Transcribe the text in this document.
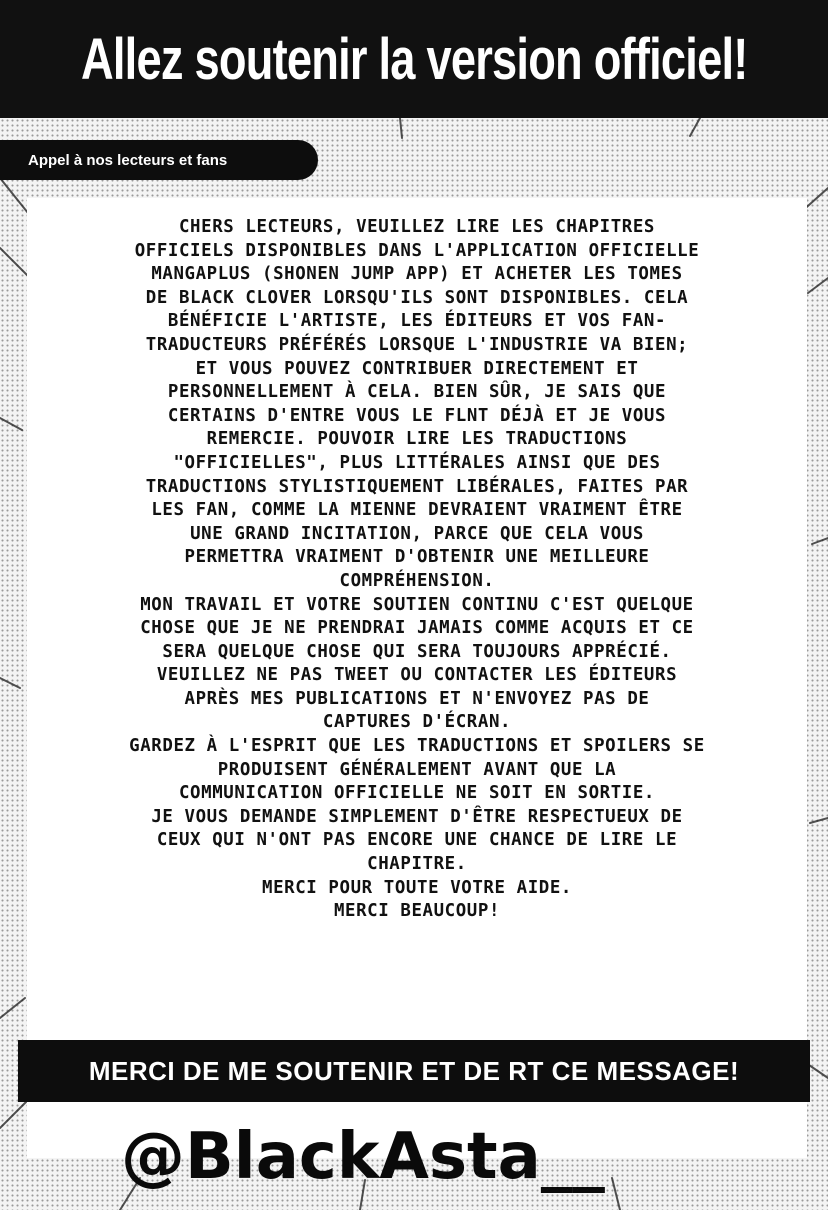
Allez soutenir la version officiel!
Appel à nos lecteurs et fans
CHERS LECTEURS, VEUILLEZ LIRE LES CHAPITRES
OFFICIELS DISPONIBLES DANS L'APPLICATION OFFICIELLE
MANGAPLUS (SHONEN JUMP APP) ET ACHETER LES TOMES
DE BLACK CLOVER LORSQU'ILS SONT DISPONIBLES. CELA
BÉNÉFICIE L'ARTISTE, LES ÉDITEURS ET VOS FAN-
TRADUCTEURS PRÉFÉRÉS LORSQUE L'INDUSTRIE VA BIEN;
ET VOUS POUVEZ CONTRIBUER DIRECTEMENT ET
PERSONNELLEMENT À CELA. BIEN SÛR, JE SAIS QUE
CERTAINS D'ENTRE VOUS LE FLNT DÉJÀ ET JE VOUS
REMERCIE. POUVOIR LIRE LES TRADUCTIONS
"OFFICIELLES", PLUS LITTÉRALES AINSI QUE DES
TRADUCTIONS STYLISTIQUEMENT LIBÉRALES, FAITES PAR
LES FAN, COMME LA MIENNE DEVRAIENT VRAIMENT ÊTRE
UNE GRAND INCITATION, PARCE QUE CELA VOUS
PERMETTRA VRAIMENT D'OBTENIR UNE MEILLEURE
COMPRÉHENSION.
MON TRAVAIL ET VOTRE SOUTIEN CONTINU C'EST QUELQUE
CHOSE QUE JE NE PRENDRAI JAMAIS COMME ACQUIS ET CE
SERA QUELQUE CHOSE QUI SERA TOUJOURS APPRÉCIÉ.
VEUILLEZ NE PAS TWEET OU CONTACTER LES ÉDITEURS
APRÈS MES PUBLICATIONS ET N'ENVOYEZ PAS DE
CAPTURES D'ÉCRAN.
GARDEZ À L'ESPRIT QUE LES TRADUCTIONS ET SPOILERS SE
PRODUISENT GÉNÉRALEMENT AVANT QUE LA
COMMUNICATION OFFICIELLE NE SOIT EN SORTIE.
JE VOUS DEMANDE SIMPLEMENT D'ÊTRE RESPECTUEUX DE
CEUX QUI N'ONT PAS ENCORE UNE CHANCE DE LIRE LE
CHAPITRE.
MERCI POUR TOUTE VOTRE AIDE.
MERCI BEAUCOUP!
@BlackAsta__
MERCI DE ME SOUTENIR ET DE RT CE MESSAGE!
